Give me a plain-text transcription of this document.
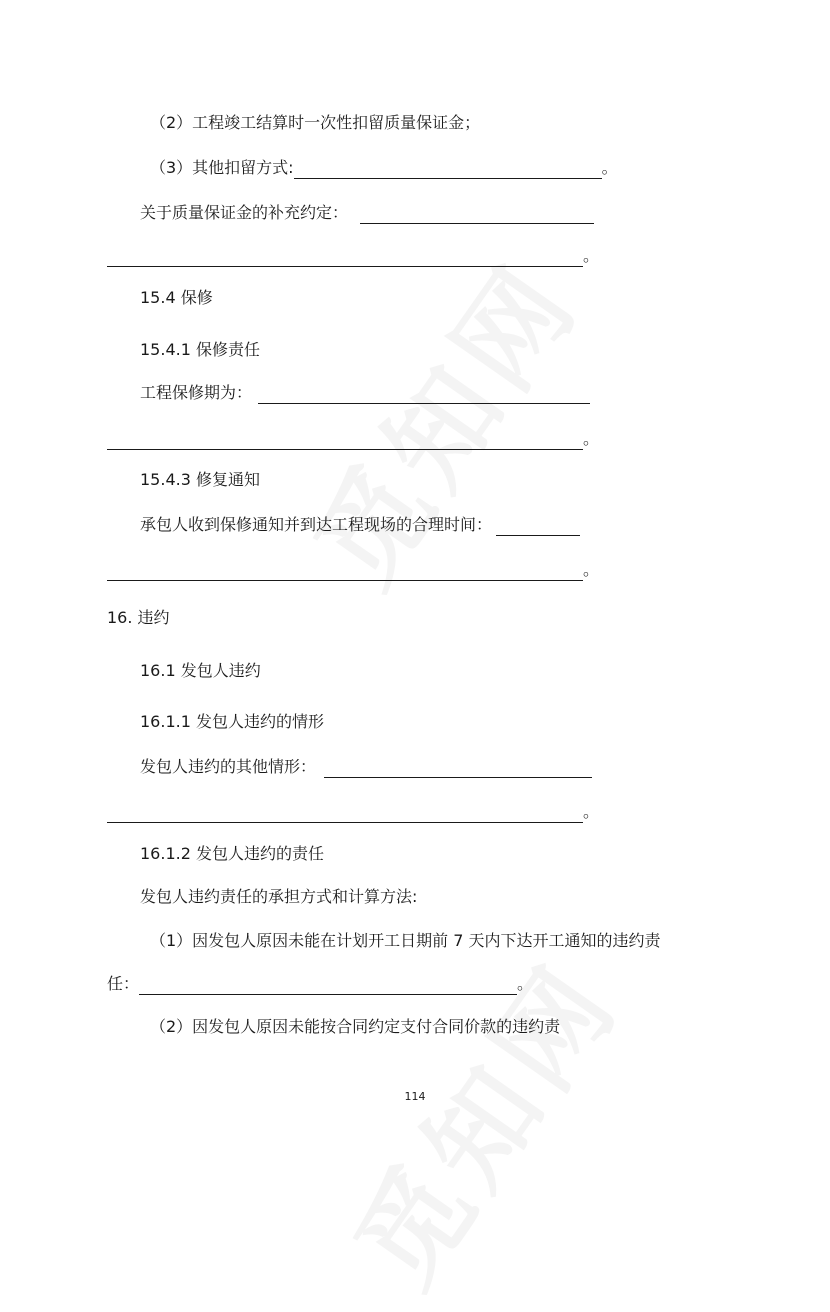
（2）工程竣工结算时一次性扣留质量保证金；
（3）其他扣留方式:	。
关于质量保证金的补充约定：
。
15.4 保修
15.4.1 保修责任
工程保修期为：
。
15.4.3 修复通知
承包人收到保修通知并到达工程现场的合理时间：
。
16. 违约
16.1 发包人违约
16.1.1 发包人违约的情形
发包人违约的其他情形：
。
16.1.2 发包人违约的责任
发包人违约责任的承担方式和计算方法:
（1）因发包人原因未能在计划开工日期前 7 天内下达开工通知的违约责
任：	。
（2）因发包人原因未能按合同约定支付合同价款的违约责
114
